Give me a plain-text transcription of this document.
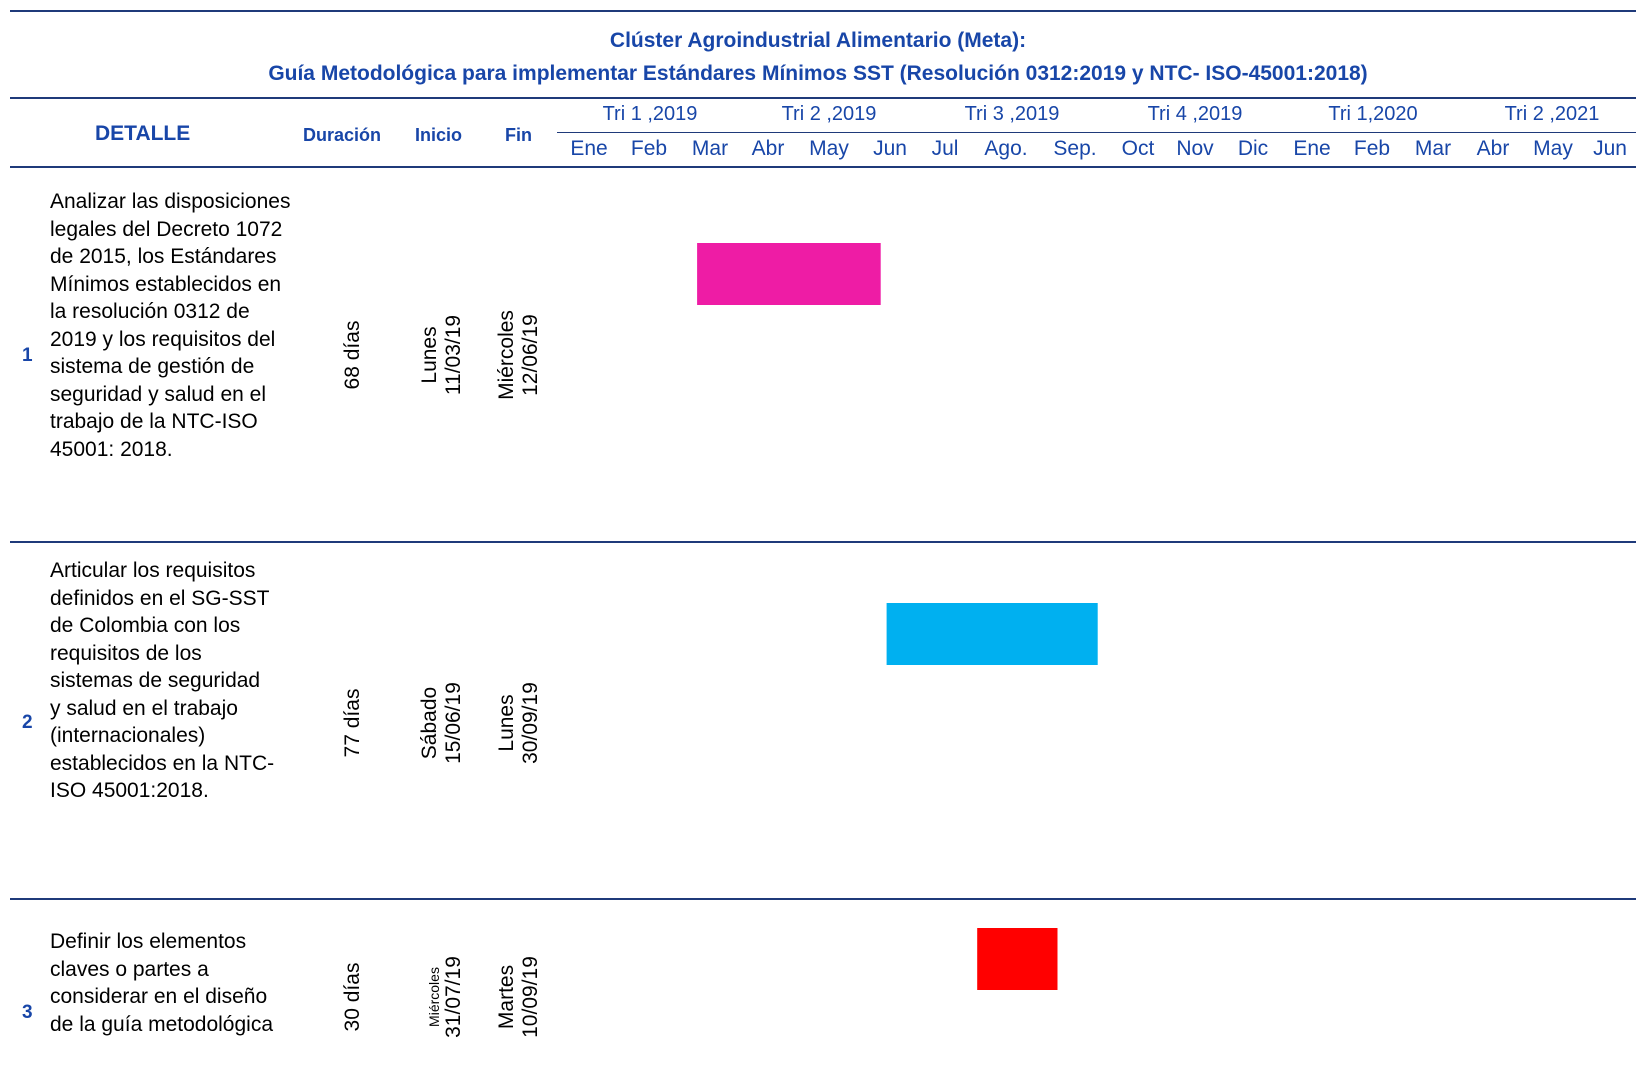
Clúster Agroindustrial Alimentario (Meta):
Guía Metodológica para implementar Estándares Mínimos SST (Resolución 0312:2019 y NTC- ISO-45001:2018)
DETALLE	Duración Inicio Fin
Tri 1 ,2019	Tri 2 ,2019	Tri 3 ,2019	Tri 4 ,2019	Tri 1,2020	Tri 2 ,2021
Ene Feb Mar Abr May Jun Jul Ago. Sep. Oct Nov Dic Ene Feb Mar Abr May Jun
1
Analizar las disposiciones legales del Decreto 1072 de 2015, los Estándares Mínimos establecidos en la resolución 0312 de 2019 y los requisitos del sistema de gestión de seguridad y salud en el trabajo de la NTC-ISO 45001: 2018.
68 días	Lunes 11/03/19 Miércoles 12/06/19
2
Articular los requisitos definidos en el SG-SST de Colombia con los requisitos de los sistemas de seguridad y salud en el trabajo (internacionales) establecidos en la NTC-ISO 45001:2018.
77 días	Sábado 15/06/19 Lunes 30/09/19
3
Definir los elementos claves o partes a considerar en el diseño de la guía metodológica	30 días	Miércoles 31/07/19 Martes 10/09/19
